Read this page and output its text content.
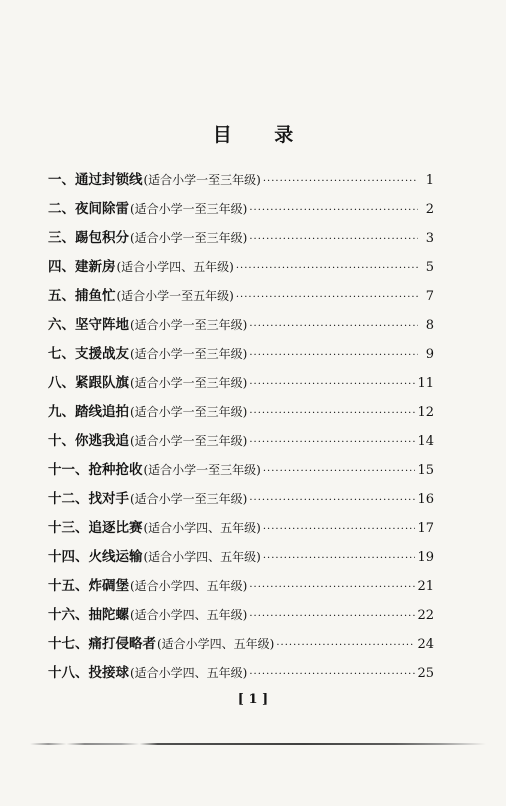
目 录
一、 通过封锁线 (适合小学一至三年级) ·····	1
二、 夜间除雷 (适合小学一至三年级) ·····	2
三、 踢包积分 (适合小学一至三年级) ·····	3
四、 建新房 (适合小学四、五年级) ·····	5
五、 捕鱼忙 (适合小学一至五年级) ·····	7
六、 坚守阵地 (适合小学一至三年级) ·····	8
七、 支援战友 (适合小学一至三年级) ·····	9
八、 紧跟队旗 (适合小学一至三年级) ·····	11
九、 踏线追拍 (适合小学一至三年级) ·····	12
十、 你逃我追 (适合小学一至三年级) ·····	14
十一、 抢种抢收 (适合小学一至三年级) ·····	15
十二、 找对手 (适合小学一至三年级) ·····	16
十三、 追逐比赛 (适合小学四、五年级) ·····	17
十四、 火线运输 (适合小学四、五年级) ·····	19
十五、 炸碉堡 (适合小学四、五年级) ·····	21
十六、 抽陀螺 (适合小学四、五年级) ·····	22
十七、 痛打侵略者 (适合小学四、五年级) ·····	24
十八、 投接球 (适合小学四、五年级) ·····	25
[ 1 ]
